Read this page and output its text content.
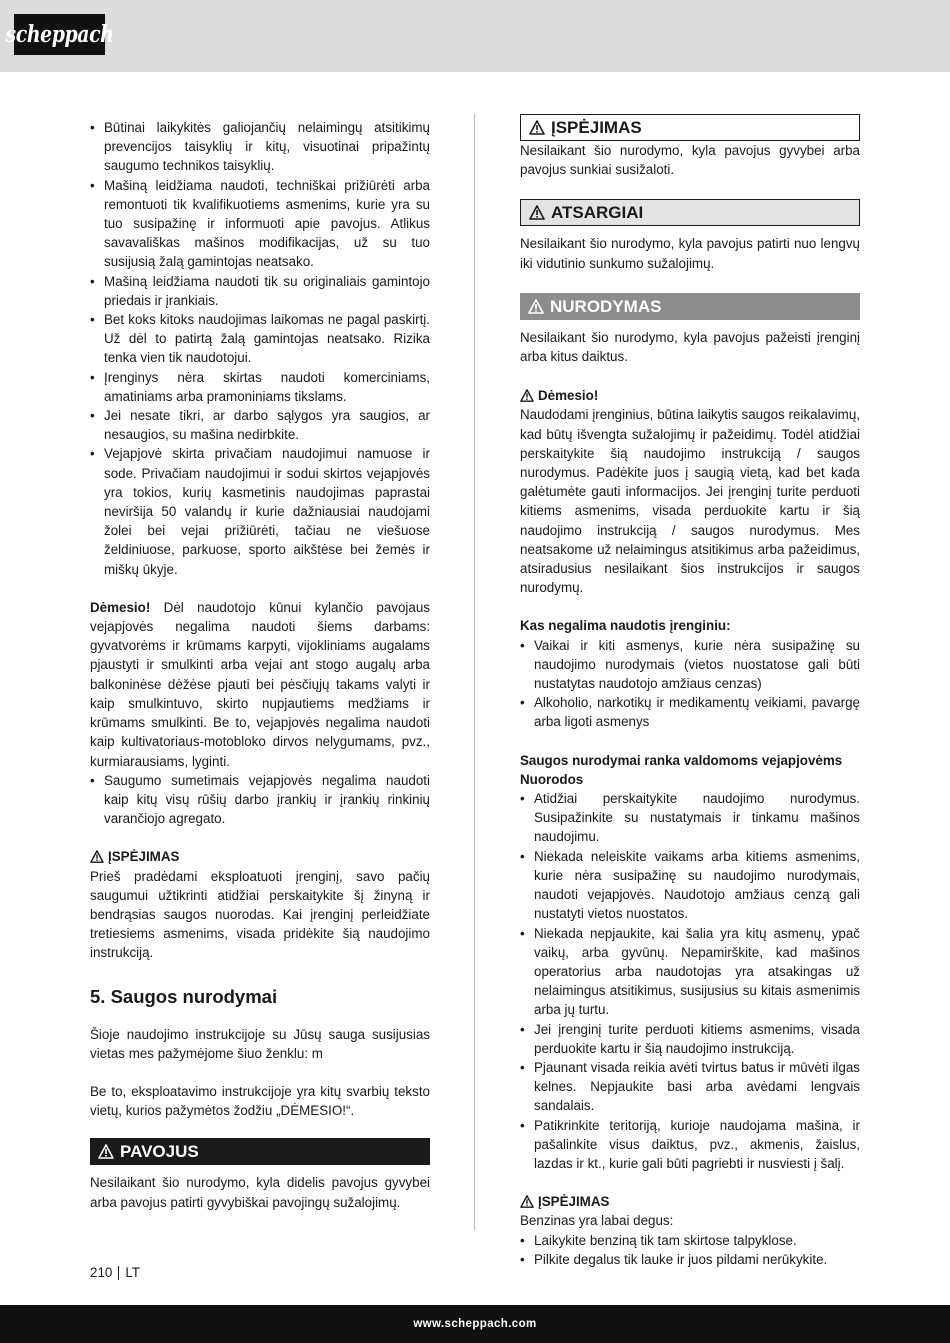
scheppach
• Būtinai laikykitės galiojančių nelaimingų atsitikimų prevencijos taisyklių ir kitų, visuotinai pripažintų saugumo technikos taisyklių.
• Mašiną leidžiama naudoti, techniškai prižiūrėti arba remontuoti tik kvalifikuotiems asmenims, kurie yra su tuo susipažinę ir informuoti apie pavojus. Atlikus savavališkas mašinos modifikacijas, už su tuo susijusią žalą gamintojas neatsako.
• Mašiną leidžiama naudoti tik su originaliais gamintojo priedais ir įrankiais.
• Bet koks kitoks naudojimas laikomas ne pagal paskirtį. Už dėl to patirtą žalą gamintojas neatsako. Rizika tenka vien tik naudotojui.
• Įrenginys nėra skirtas naudoti komerciniams, amatiniams arba pramoniniams tikslams.
• Jei nesate tikri, ar darbo sąlygos yra saugios, ar nesaugios, su mašina nedirbkite.
• Vejapjovė skirta privačiam naudojimui namuose ir sode. Privačiam naudojimui ir sodui skirtos vejapjovės yra tokios, kurių kasmetinis naudojimas paprastai neviršija 50 valandų ir kurie dažniausiai naudojami žolei bei vejai prižiūrėti, tačiau ne viešuose želdiniuose, parkuose, sporto aikštėse bei žemės ir miškų ūkyje.

Dėmesio! Dėl naudotojo kūnui kylančio pavojaus vejapjovės negalima naudoti šiems darbams: gyvatvorėms ir krūmams karpyti, vijokliniams augalams pjaustyti ir smulkinti arba vejai ant stogo augalų arba balkoninėse dėžėse pjauti bei pėsčiųjų takams valyti ir kaip smulkintuvo, skirto nupjautiems medžiams ir krūmams smulkinti. Be to, vejapjovės negalima naudoti kaip kultivatoriaus-motobloko dirvos nelygumams, pvz., kurmiarausiams, lyginti.

• Saugumo sumetimais vejapjovės negalima naudoti kaip kitų visų rūšių darbo įrankių ir įrankių rinkinių varančiojo agregato.
ĮSPĖJIMAS

Prieš pradėdami eksploatuoti įrenginį, savo pačių saugumui užtikrinti atidžiai perskaitykite šį žinyną ir bendrąsias saugos nuorodas. Kai įrenginį perleidžiate tretiesiems asmenims, visada pridėkite šią naudojimo instrukciją.

5. Saugos nurodymai

Šioje naudojimo instrukcijoje su Jūsų sauga susijusias vietas mes pažymėjome šiuo ženklu: m

Be to, eksploatavimo instrukcijoje yra kitų svarbių teksto vietų, kurios pažymėtos žodžiu „DĖMESIO!“.

PAVOJUS

Nesilaikant šio nurodymo, kyla didelis pavojus gyvybei arba pavojus patirti gyvybiškai pavojingų sužalojimų.

ĮSPĖJIMAS

Nesilaikant šio nurodymo, kyla pavojus gyvybei arba pavojus sunkiai susižaloti.

ATSARGIAI

Nesilaikant šio nurodymo, kyla pavojus patirti nuo lengvų iki vidutinio sunkumo sužalojimų.

NURODYMAS

Nesilaikant šio nurodymo, kyla pavojus pažeisti įrenginį arba kitus daiktus.

Dėmesio!

Naudodami įrenginius, būtina laikytis saugos reikalavimų, kad būtų išvengta sužalojimų ir pažeidimų. Todėl atidžiai perskaitykite šią naudojimo instrukciją / saugos nurodymus. Padėkite juos į saugią vietą, kad bet kada galėtumėte gauti informacijos. Jei įrenginį turite perduoti kitiems asmenims, visada perduokite kartu ir šią naudojimo instrukciją / saugos nurodymus. Mes neatsakome už nelaimingus atsitikimus arba pažeidimus, atsiradusius nesilaikant šios instrukcijos ir saugos nurodymų.

Kas negalima naudotis įrenginiu:

• Vaikai ir kiti asmenys, kurie nėra susipažinę su naudojimo nurodymais (vietos nuostatose gali būti nustatytas naudotojo amžiaus cenzas)
• Alkoholio, narkotikų ir medikamentų veikiami, pavargę arba ligoti asmenys

Saugos nurodymai ranka valdomoms vejapjovėms

Nuorodos

• Atidžiai perskaitykite naudojimo nurodymus. Susipažinkite su nustatymais ir tinkamu mašinos naudojimu.
• Niekada neleiskite vaikams arba kitiems asmenims, kurie nėra susipažinę su naudojimo nurodymais, naudoti vejapjovės. Naudotojo amžiaus cenzą gali nustatyti vietos nuostatos.
• Niekada nepjaukite, kai šalia yra kitų asmenų, ypač vaikų, arba gyvūnų. Nepamirškite, kad mašinos operatorius arba naudotojas yra atsakingas už nelaimingus atsitikimus, susijusius su kitais asmenimis arba jų turtu.
• Jei įrenginį turite perduoti kitiems asmenims, visada perduokite kartu ir šią naudojimo instrukciją.
• Pjaunant visada reikia avėti tvirtus batus ir mūvėti ilgas kelnes. Nepjaukite basi arba avėdami lengvais sandalais.
• Patikrinkite teritoriją, kurioje naudojama mašina, ir pašalinkite visus daiktus, pvz., akmenis, žaislus, lazdas ir kt., kurie gali būti pagriebti ir nusviesti į šalį.
ĮSPĖJIMAS

Benzinas yra labai degus:

• Laikykite benziną tik tam skirtose talpyklose.
• Pilkite degalus tik lauke ir juos pildami nerūkykite.
210 LT
www.scheppach.com
